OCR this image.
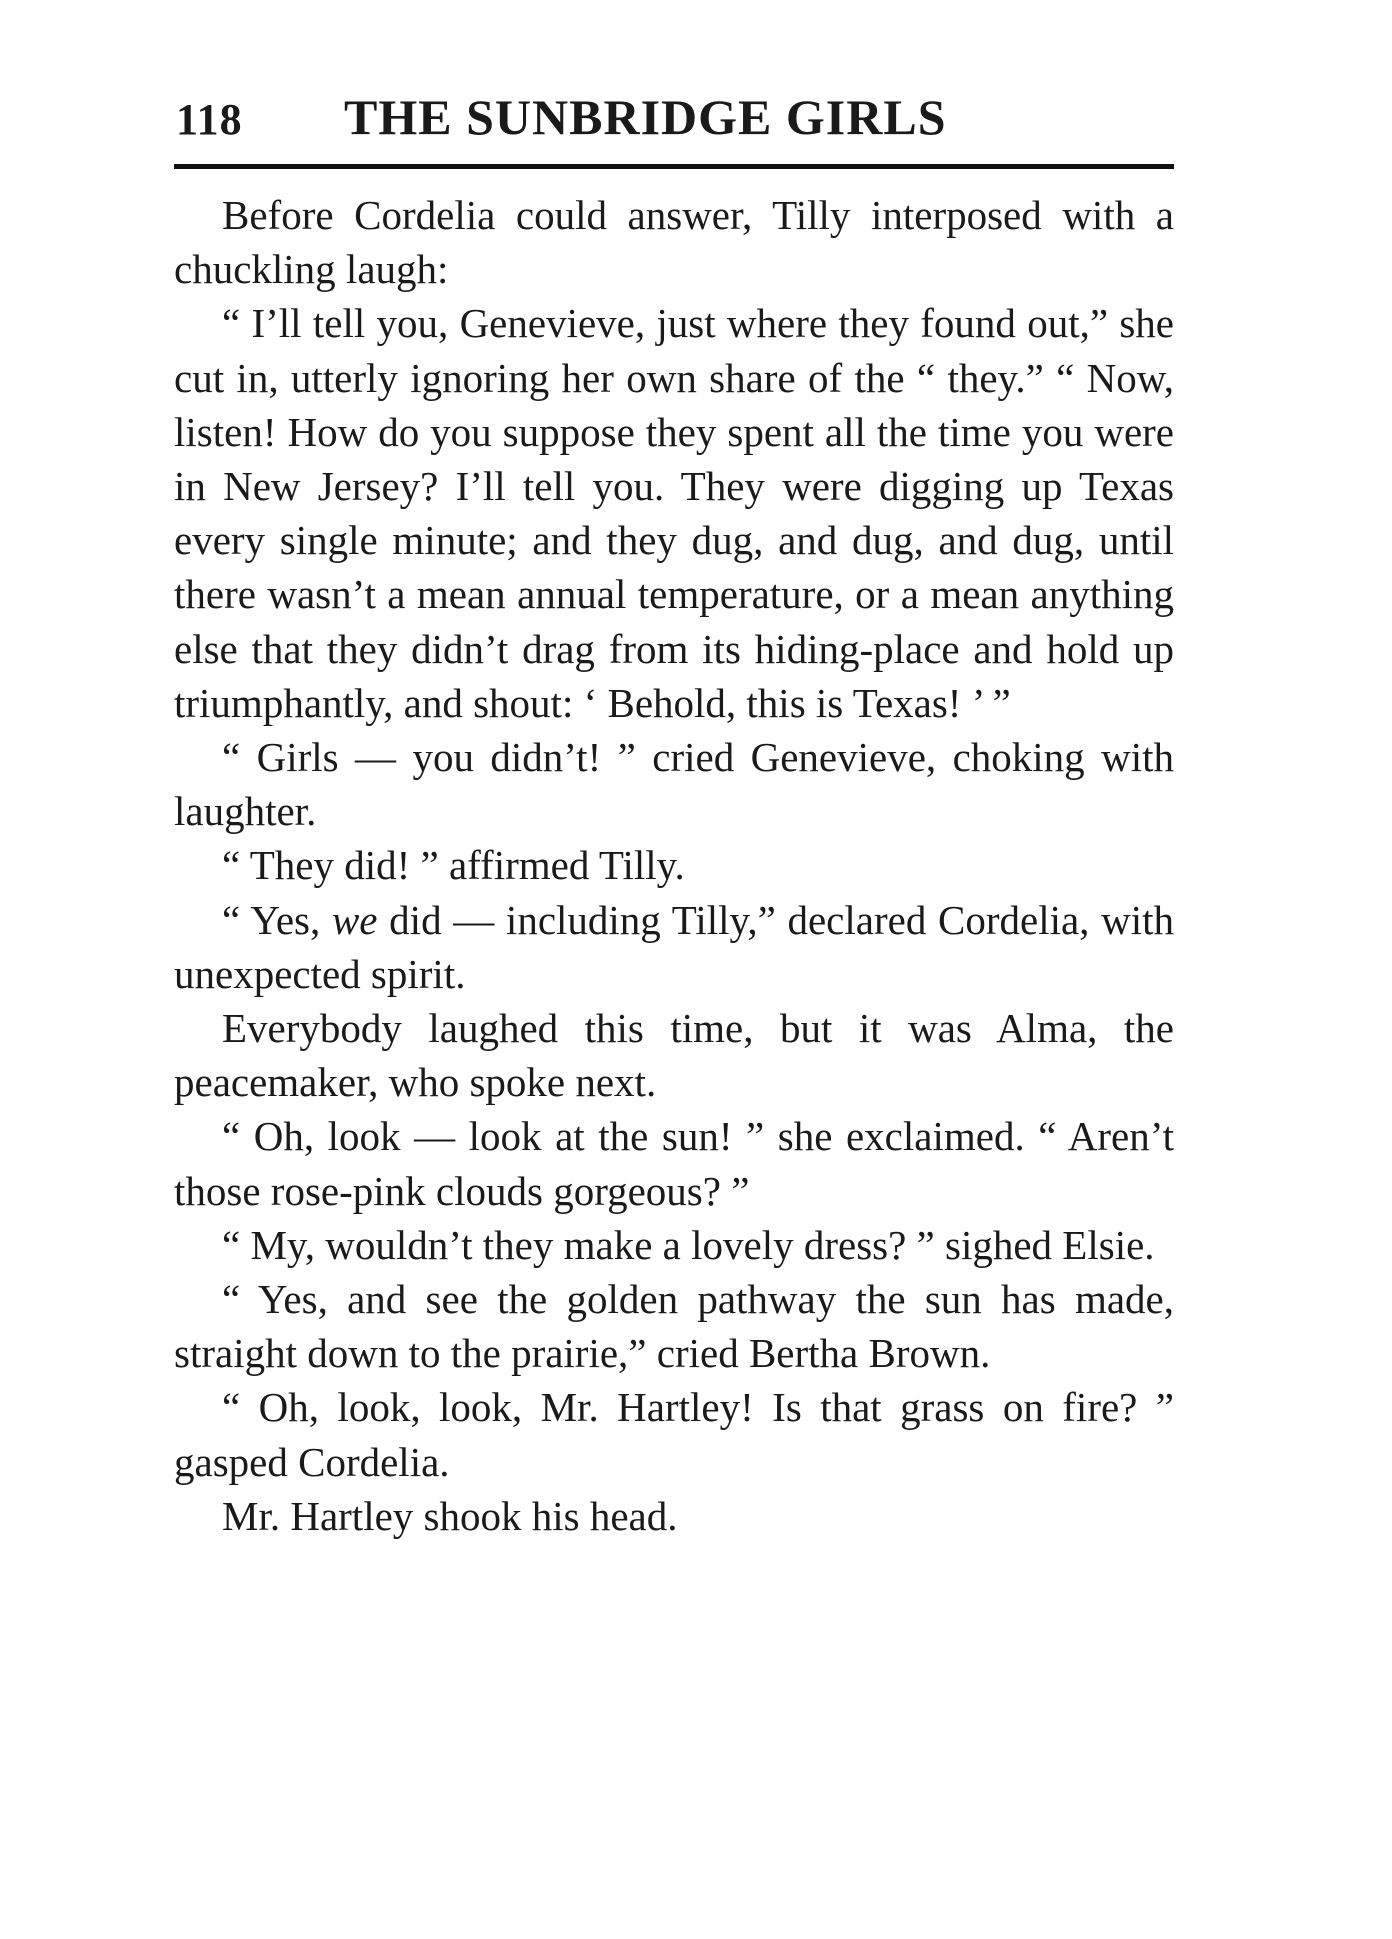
118 THE SUNBRIDGE GIRLS

Before Cordelia could answer, Tilly interposed with a chuckling laugh:

“ I’ll tell you, Genevieve, just where they found out,” she cut in, utterly ignoring her own share of the “ they.” “ Now, listen! How do you suppose they spent all the time you were in New Jersey? I’ll tell you. They were digging up Texas every single minute; and they dug, and dug, and dug, until there wasn’t a mean annual temperature, or a mean anything else that they didn’t drag from its hiding-place and hold up triumphantly, and shout: ‘ Behold, this is Texas! ’ ”

“ Girls — you didn’t! ” cried Genevieve, choking with laughter.

“ They did! ” affirmed Tilly.

“ Yes, we did — including Tilly,” declared Cordelia, with unexpected spirit.

Everybody laughed this time, but it was Alma, the peacemaker, who spoke next.

“ Oh, look — look at the sun! ” she exclaimed. “ Aren’t those rose-pink clouds gorgeous? ”

“ My, wouldn’t they make a lovely dress? ” sighed Elsie.

“ Yes, and see the golden pathway the sun has made, straight down to the prairie,” cried Bertha Brown.

“ Oh, look, look, Mr. Hartley! Is that grass on fire? ” gasped Cordelia.

Mr. Hartley shook his head.
